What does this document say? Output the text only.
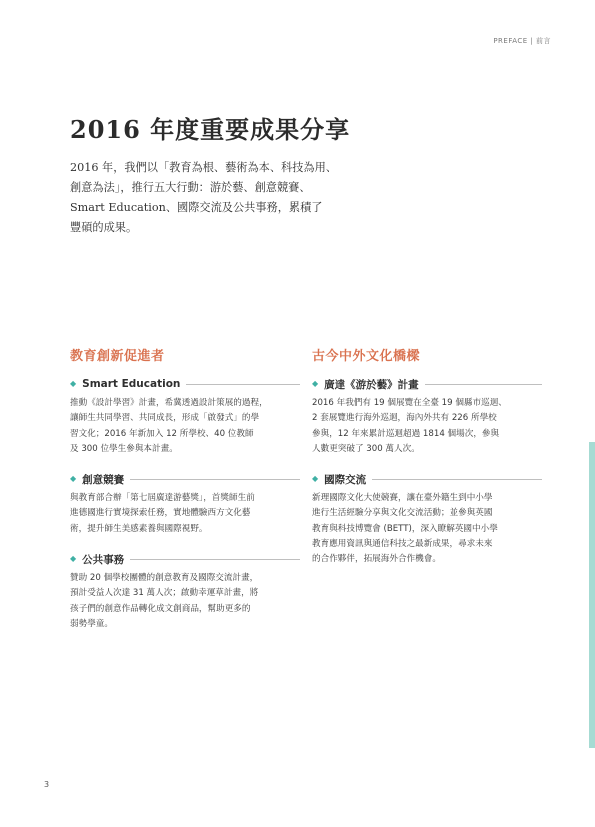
PREFACE | 前言
2016 年度重要成果分享

2016 年，我們以「教育為根、藝術為本、科技為用、

創意為法」，推行五大行動：游於藝、創意競賽、

Smart Education、國際交流及公共事務，累積了

豐碩的成果。

教育創新促進者
◆ Smart Education
推動《設計學習》計畫，希冀透過設計策展的過程，
讓師生共同學習、共同成長，形成「啟發式」的學
習文化；2016 年新加入 12 所學校、40 位教師
及 300 位學生參與本計畫。
◆ 創意競賽
與教育部合辦「第七屆廣達游藝獎」，首獎師生前
進德國進行實境探索任務，實地體驗西方文化藝
術，提升師生美感素養與國際視野。
◆ 公共事務
贊助 20 個學校團體的創意教育及國際交流計畫，
預計受益人次達 31 萬人次；啟動幸運草計畫，將
孩子們的創意作品轉化成文創商品，幫助更多的
弱勢學童。
古今中外文化橋樑
◆ 廣達《游於藝》計畫
2016 年我們有 19 個展覽在全臺 19 個縣市巡迴、
2 套展覽進行海外巡迴，海內外共有 226 所學校
參與，12 年來累計巡迴超過 1814 個場次，參與
人數更突破了 300 萬人次。
◆ 國際交流
新理國際文化大使競賽，讓在臺外籍生到中小學
進行生活經驗分享與文化交流活動；並參與英國
教育與科技博覽會 (BETT)，深入瞭解英國中小學
教育應用資訊與通信科技之最新成果，尋求未來
的合作夥伴，拓展海外合作機會。
3
